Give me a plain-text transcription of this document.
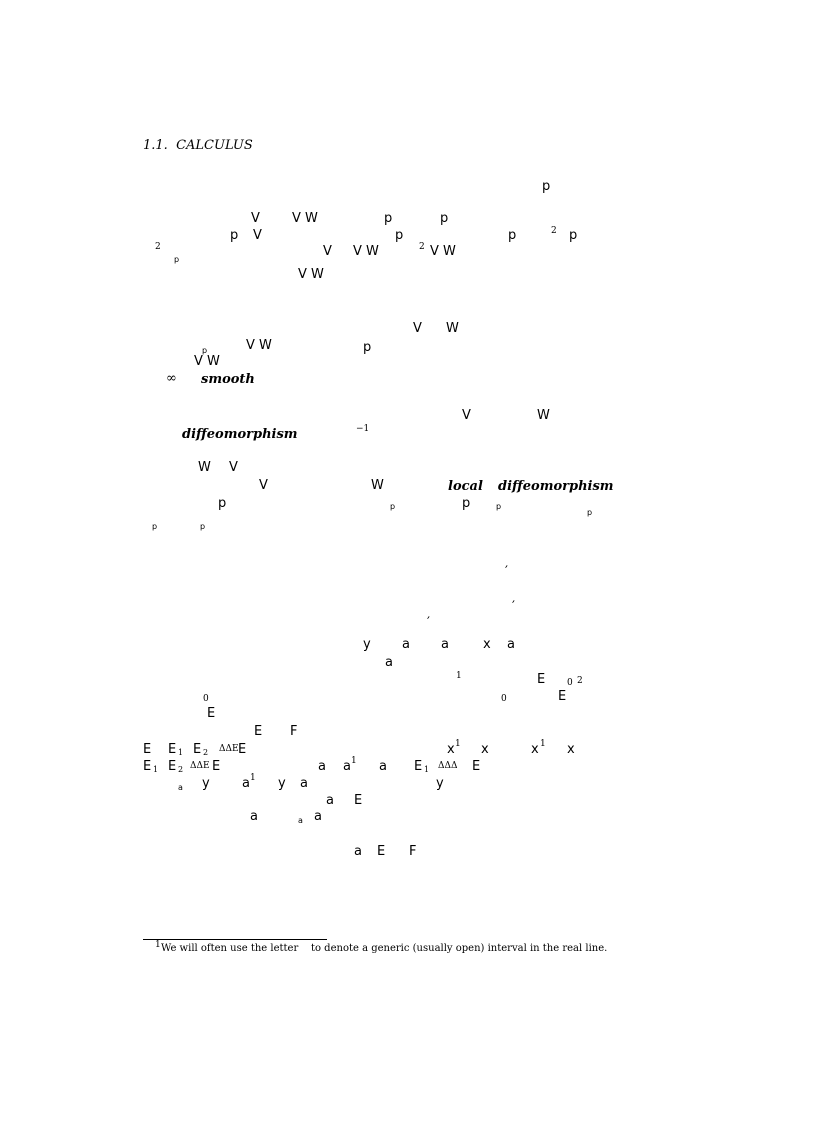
1.1.  CALCULUS
p
V V W	p	p
p V	p	p	2 p
2
p
V V W	2 V W
V W
V W
p	V W	p
V W
∞ smooth
V	W
diffeomorphism	−1
W V
V	W	local diffeomorphism
p	p	p	p
p
p	p
′
′
′
y a a	x a
a
1	E 0 2
0	0	E
E
E F
E E 1 E 2 ΔΔE E	x 1 x	x 1 x
E 1 E 2 ΔΔE E	a a 1 a E 1 ΔΔΔ E
a y a 1 y a	y
a E
a	a a
a E F
1 We will often use the letter    to denote a generic (usually open) interval in the real line.
